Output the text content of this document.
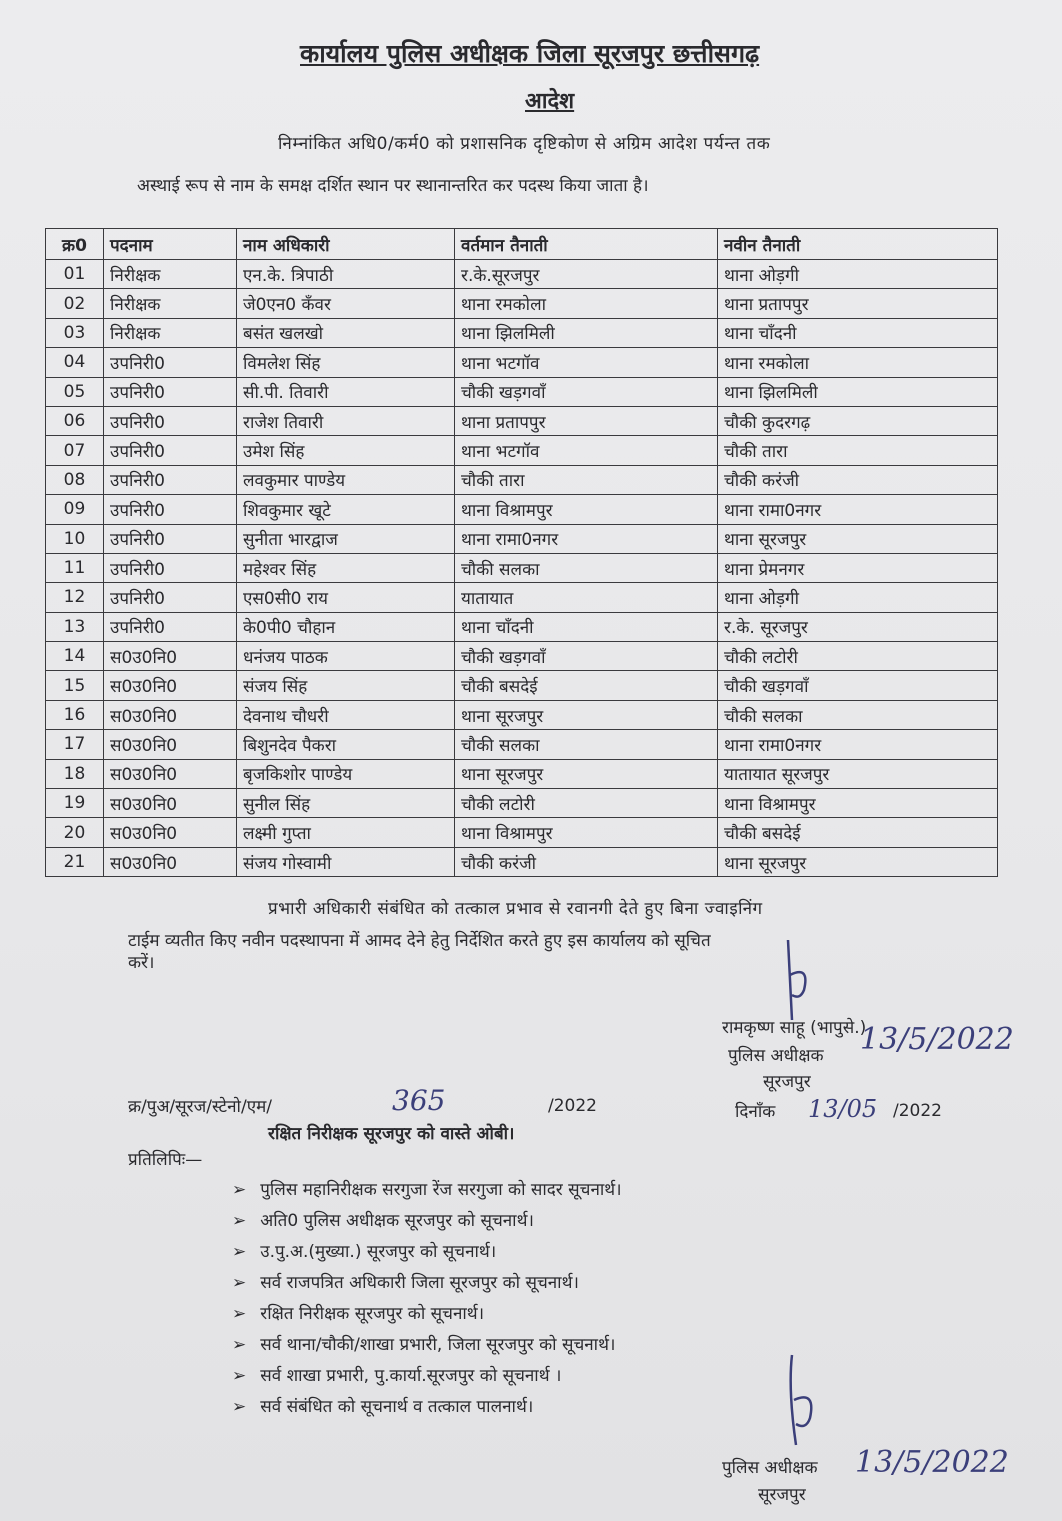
कार्यालय पुलिस अधीक्षक जिला सूरजपुर छत्तीसगढ़
आदेश
निम्नांकित अधि0/कर्म0 को प्रशासनिक दृष्टिकोण से अग्रिम आदेश पर्यन्त तक
अस्थाई रूप से नाम के समक्ष दर्शित स्थान पर स्थानान्तरित कर पदस्थ किया जाता है।
क्र0	पदनाम	नाम अधिकारी	वर्तमान तैनाती	नवीन तैनाती
01	निरीक्षक	एन.के. त्रिपाठी	र.के.सूरजपुर	थाना ओड़गी
02	निरीक्षक	जे0एन0 कँवर	थाना रमकोला	थाना प्रतापपुर
03	निरीक्षक	बसंत खलखो	थाना झिलमिली	थाना चॉंदनी
04	उपनिरी0	विमलेश सिंह	थाना भटगॉव	थाना रमकोला
05	उपनिरी0	सी.पी. तिवारी	चौकी खड़गवॉं	थाना झिलमिली
06	उपनिरी0	राजेश तिवारी	थाना प्रतापपुर	चौकी कुदरगढ़
07	उपनिरी0	उमेश सिंह	थाना भटगॉव	चौकी तारा
08	उपनिरी0	लवकुमार पाण्डेय	चौकी तारा	चौकी करंजी
09	उपनिरी0	शिवकुमार खूटे	थाना विश्रामपुर	थाना रामा0नगर
10	उपनिरी0	सुनीता भारद्वाज	थाना रामा0नगर	थाना सूरजपुर
11	उपनिरी0	महेश्वर सिंह	चौकी सलका	थाना प्रेमनगर
12	उपनिरी0	एस0सी0 राय	यातायात	थाना ओड़गी
13	उपनिरी0	के0पी0 चौहान	थाना चॉंदनी	र.के. सूरजपुर
14	स0उ0नि0	धनंजय पाठक	चौकी खड़गवॉं	चौकी लटोरी
15	स0उ0नि0	संजय सिंह	चौकी बसदेई	चौकी खड़गवॉं
16	स0उ0नि0	देवनाथ चौधरी	थाना सूरजपुर	चौकी सलका
17	स0उ0नि0	बिशुनदेव पैकरा	चौकी सलका	थाना रामा0नगर
18	स0उ0नि0	बृजकिशोर पाण्डेय	थाना सूरजपुर	यातायात सूरजपुर
19	स0उ0नि0	सुनील सिंह	चौकी लटोरी	थाना विश्रामपुर
20	स0उ0नि0	लक्ष्मी गुप्ता	थाना विश्रामपुर	चौकी बसदेई
21	स0उ0नि0	संजय गोस्वामी	चौकी करंजी	थाना सूरजपुर
प्रभारी अधिकारी संबंधित को तत्काल प्रभाव से रवानगी देते हुए बिना ज्वाइनिंग
टाईम व्यतीत किए नवीन पदस्थापना में आमद देने हेतु निर्देशित करते हुए इस कार्यालय को सूचित
करें।
रामकृष्ण साहू (भापुसे.)
पुलिस अधीक्षक
सूरजपुर
13/5/2022
दिनॉंक 13/05 /2022
क्र/पुअ/सूरज/स्टेनो/एम/	365	/2022
रक्षित निरीक्षक सूरजपुर को वास्ते ओबी।
प्रतिलिपिः—
➢ पुलिस महानिरीक्षक सरगुजा रेंज सरगुजा को सादर सूचनार्थ।
➢ अति0 पुलिस अधीक्षक सूरजपुर को सूचनार्थ।
➢ उ.पु.अ.(मुख्या.) सूरजपुर को सूचनार्थ।
➢ सर्व राजपत्रित अधिकारी जिला सूरजपुर को सूचनार्थ।
➢ रक्षित निरीक्षक सूरजपुर को सूचनार्थ।
➢ सर्व थाना/चौकी/शाखा प्रभारी, जिला सूरजपुर को सूचनार्थ।
➢ सर्व शाखा प्रभारी, पु.कार्या.सूरजपुर को सूचनार्थ ।
➢ सर्व संबंधित को सूचनार्थ व तत्काल पालनार्थ।
पुलिस अधीक्षक
सूरजपुर
13/5/2022
